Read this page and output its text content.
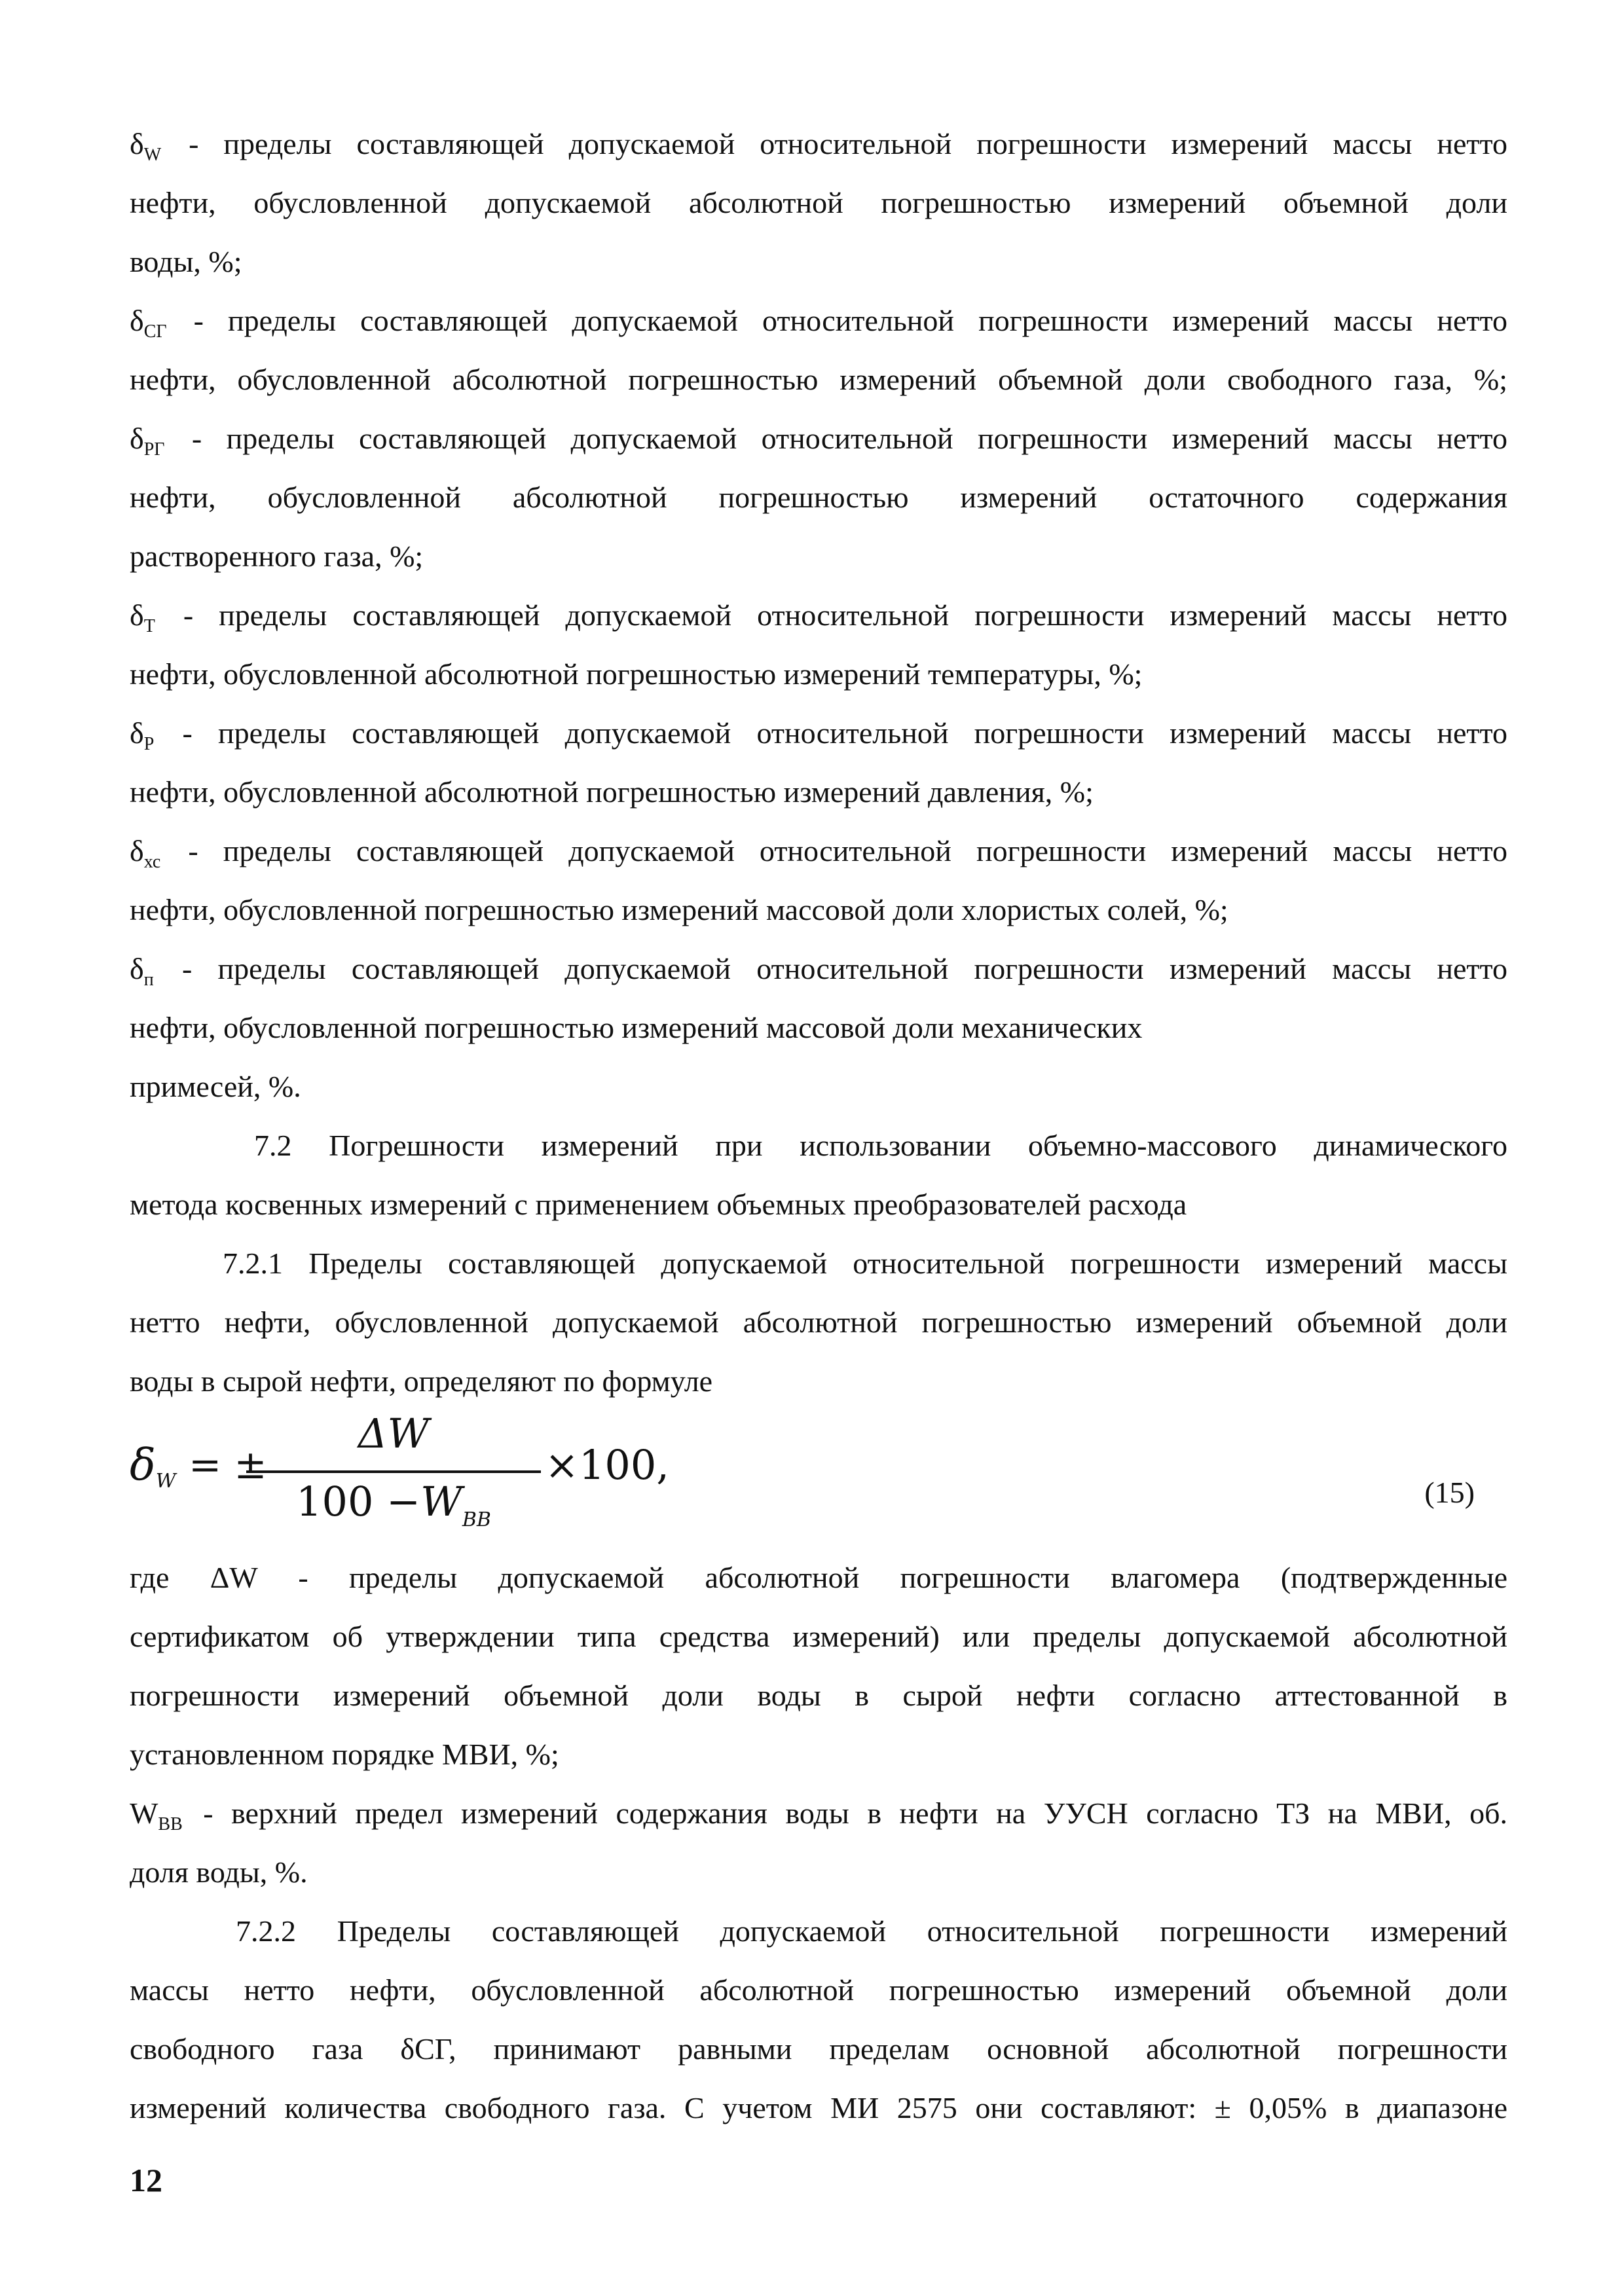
$\delta_W$ - пределы составляющей допускаемой относительной погрешности измерений массы нетто
нефти, обусловленной допускаемой абсолютной погрешностью измерений объемной доли
воды, %;
$\delta_{СГ}$ - пределы составляющей допускаемой относительной погрешности измерений массы нетто
нефти, обусловленной абсолютной погрешностью измерений объемной доли свободного газа, %;
$\delta_{РГ}$ - пределы составляющей допускаемой относительной погрешности измерений массы нетто
нефти, обусловленной абсолютной погрешностью измерений остаточного содержания
растворенного газа, %;
$\delta_Т$ - пределы составляющей допускаемой относительной погрешности измерений массы нетто
нефти, обусловленной абсолютной погрешностью измерений температуры, %;
$\delta_Р$ - пределы составляющей допускаемой относительной погрешности измерений массы нетто
нефти, обусловленной абсолютной погрешностью измерений давления, %;
$\delta_{хс}$ - пределы составляющей допускаемой относительной погрешности измерений массы нетто
нефти, обусловленной погрешностью измерений массовой доли хлористых солей, %;
$\delta_п$ - пределы составляющей допускаемой относительной погрешности измерений массы нетто
нефти, обусловленной погрешностью измерений массовой доли механических
примесей, %.
7.2 Погрешности измерений при использовании объемно-массового динамического
метода косвенных измерений с применением объемных преобразователей расхода
7.2.1 Пределы составляющей допускаемой относительной погрешности измерений массы
нетто нефти, обусловленной допускаемой абсолютной погрешностью измерений объемной доли
воды в сырой нефти, определяют по формуле
δW = ±
ΔW
$100 -W_{ВВ}$
×100,
(15)
где ΔW - пределы допускаемой абсолютной погрешности влагомера (подтвержденные
сертификатом об утверждении типа средства измерений) или пределы допускаемой абсолютной
погрешности измерений объемной доли воды в сырой нефти согласно аттестованной в
установленном порядке МВИ, %;
$W_{ВВ}$ - верхний предел измерений содержания воды в нефти на УУСН согласно ТЗ на МВИ, об.
доля воды, %.
7.2.2 Пределы составляющей допускаемой относительной погрешности измерений
массы нетто нефти, обусловленной абсолютной погрешностью измерений объемной доли
свободного газа δСГ, принимают равными пределам основной абсолютной погрешности
измерений количества свободного газа. С учетом МИ 2575 они составляют: ± 0,05% в диапазоне
12
